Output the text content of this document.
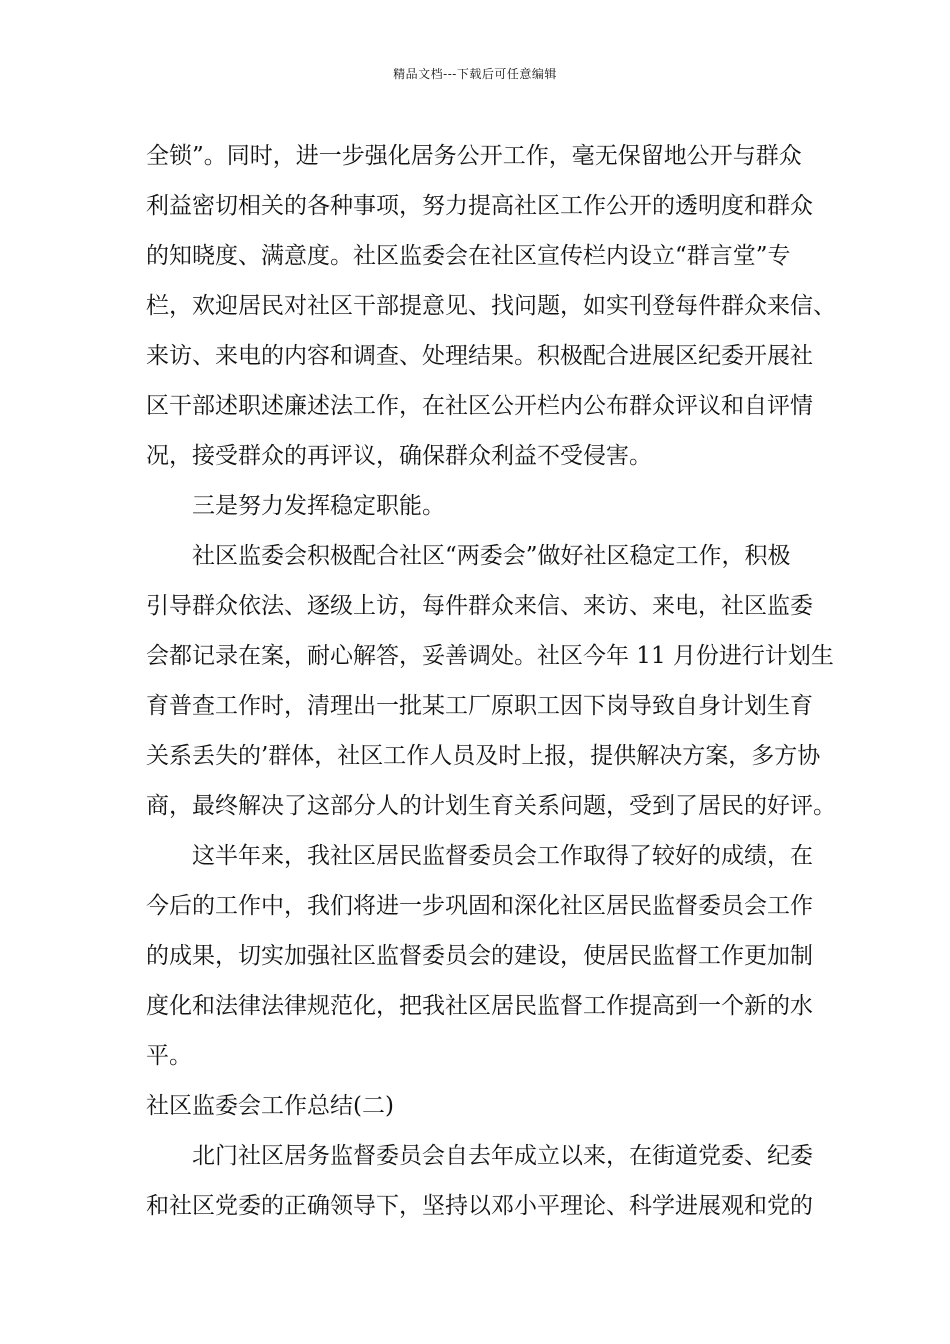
精品文档---下载后可任意编辑

全锁”。同时，进一步强化居务公开工作，毫无保留地公开与群众

利益密切相关的各种事项，努力提高社区工作公开的透明度和群众

的知晓度、满意度。社区监委会在社区宣传栏内设立“群言堂”专

栏，欢迎居民对社区干部提意见、找问题，如实刊登每件群众来信、

来访、来电的内容和调查、处理结果。积极配合进展区纪委开展社

区干部述职述廉述法工作，在社区公开栏内公布群众评议和自评情

况，接受群众的再评议，确保群众利益不受侵害。

　　三是努力发挥稳定职能。

　　社区监委会积极配合社区“两委会”做好社区稳定工作，积极

引导群众依法、逐级上访，每件群众来信、来访、来电，社区监委

会都记录在案，耐心解答，妥善调处。社区今年 11 月份进行计划生

育普查工作时，清理出一批某工厂原职工因下岗导致自身计划生育

关系丢失的’群体，社区工作人员及时上报，提供解决方案，多方协

商，最终解决了这部分人的计划生育关系问题，受到了居民的好评。

　　这半年来，我社区居民监督委员会工作取得了较好的成绩，在

今后的工作中，我们将进一步巩固和深化社区居民监督委员会工作

的成果，切实加强社区监督委员会的建设，使居民监督工作更加制

度化和法律法律规范化，把我社区居民监督工作提高到一个新的水

平。

社区监委会工作总结(二)

　　北门社区居务监督委员会自去年成立以来，在街道党委、纪委

和社区党委的正确领导下，坚持以邓小平理论、科学进展观和党的
